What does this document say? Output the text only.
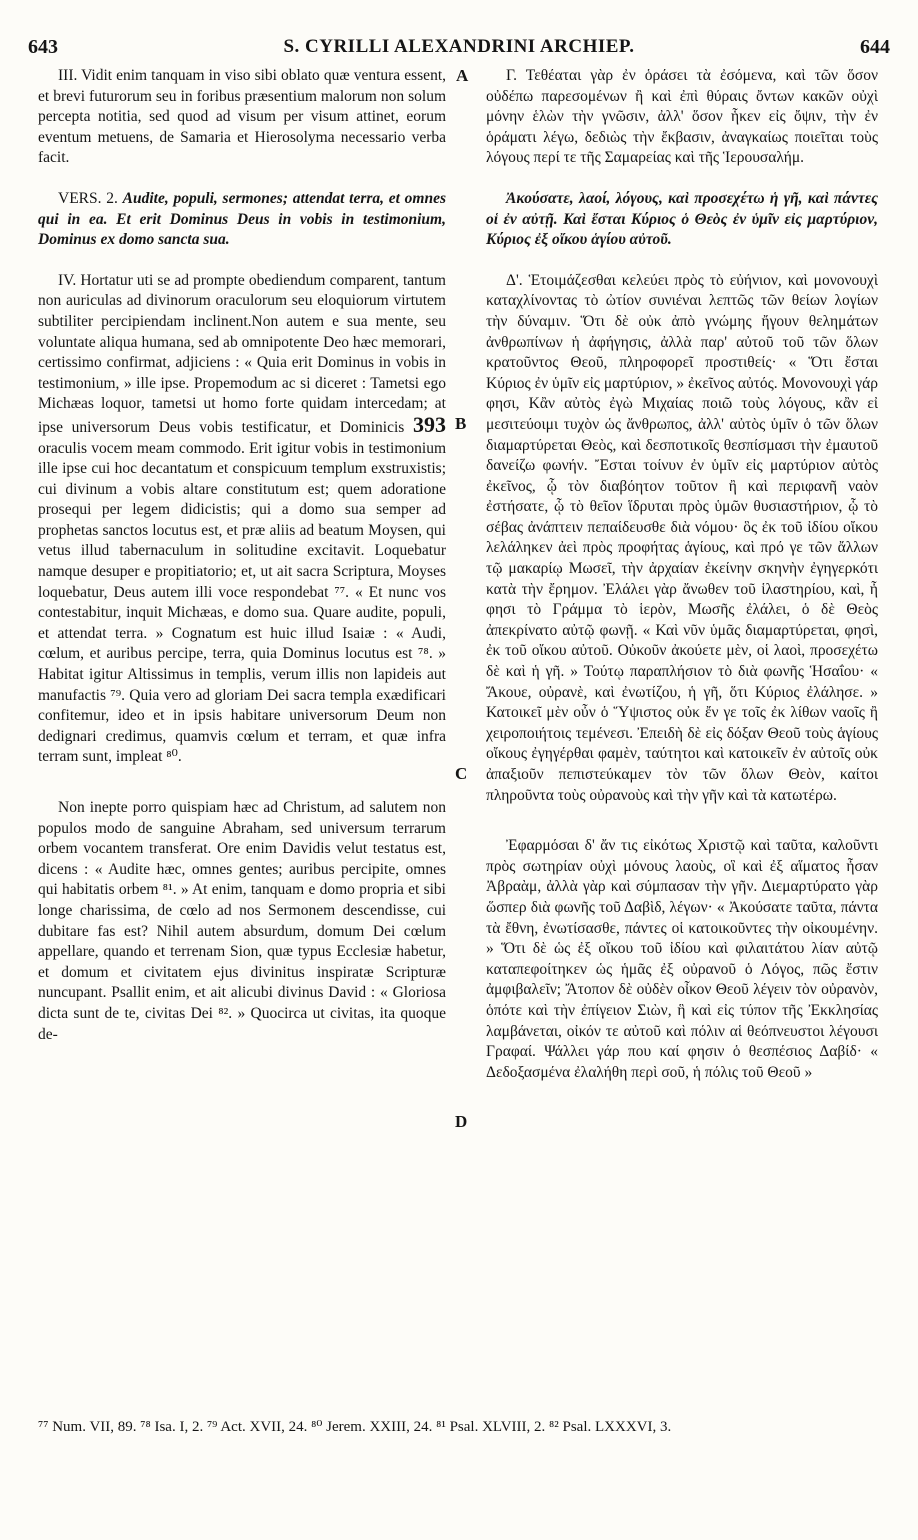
643	S. CYRILLI ALEXANDRINI ARCHIEP.	644
A
B
C
D

III. Vidit enim tanquam in viso sibi oblato quæ ventura essent, et brevi futurorum seu in foribus præsentium malorum non solum percepta notitia, sed quod ad visum per visum attinet, eorum eventum metuens, de Samaria et Hierosolyma necessario verba facit.

VERS. 2. Audite, populi, sermones; attendat terra, et omnes qui in ea. Et erit Dominus Deus in vobis in testimonium, Dominus ex domo sancta sua.

IV. Hortatur uti se ad prompte obediendum comparent, tantum non auriculas ad divinorum oraculorum seu eloquiorum virtutem subtiliter percipiendam inclinent.Non autem e sua mente, seu voluntate aliqua humana, sed ab omnipotente Deo hæc memorari, certissimo confirmat, adjiciens : « Quia erit Dominus in vobis in testimonium, » ille ipse. Propemodum ac si diceret : Tametsi ego Michæas loquor, tametsi ut homo forte quidam intercedam; at ipse universorum Deus vobis testificatur, et Dominicis 393 oraculis vocem meam commodo. Erit igitur vobis in testimonium ille ipse cui hoc decantatum et conspicuum templum exstruxistis; cui divinum a vobis altare constitutum est; quem adoratione prosequi per legem didicistis; qui a domo sua semper ad prophetas sanctos locutus est, et præ aliis ad beatum Moysen, qui vetus illud tabernaculum in solitudine excitavit. Loquebatur namque desuper e propitiatorio; et, ut ait sacra Scriptura, Moyses loquebatur, Deus autem illi voce respondebat ⁷⁷. « Et nunc vos contestabitur, inquit Michæas, e domo sua. Quare audite, populi, et attendat terra. » Cognatum est huic illud Isaiæ : « Audi, cœlum, et auribus percipe, terra, quia Dominus locutus est ⁷⁸. » Habitat igitur Altissimus in templis, verum illis non lapideis aut manufactis ⁷⁹. Quia vero ad gloriam Dei sacra templa exædificari confitemur, ideo et in ipsis habitare universorum Deum non dedignari credimus, quamvis cœlum et terram, et quæ infra terram sunt, impleat ⁸⁰.

Non inepte porro quispiam hæc ad Christum, ad salutem non populos modo de sanguine Abraham, sed universum terrarum orbem vocantem transferat. Ore enim Davidis velut testatus est, dicens : « Audite hæc, omnes gentes; auribus percipite, omnes qui habitatis orbem ⁸¹. » At enim, tanquam e domo propria et sibi longe charissima, de cœlo ad nos Sermonem descendisse, cui dubitare fas est? Nihil autem absurdum, domum Dei cœlum appellare, quando et terrenam Sion, quæ typus Ecclesiæ habetur, et domum et civitatem ejus divinitus inspiratæ Scripturæ nuncupant. Psallit enim, et ait alicubi divinus David : « Gloriosa dicta sunt de te, civitas Dei ⁸². » Quocirca ut civitas, ita quoque de-

Γ. Τεθέαται γὰρ ἐν ὁράσει τὰ ἐσόμενα, καὶ τῶν ὅσον οὐδέπω παρεσομένων ἢ καὶ ἐπὶ θύραις ὄντων κακῶν οὐχὶ μόνην ἑλὼν τὴν γνῶσιν, ἀλλ' ὅσον ἧκεν εἰς ὄψιν, τὴν ἐν ὁράματι λέγω, δεδιὼς τὴν ἔκβασιν, ἀναγκαίως ποιεῖται τοὺς λόγους περί τε τῆς Σαμαρείας καὶ τῆς Ἱερουσαλήμ.

Ἀκούσατε, λαοί, λόγους, καὶ προσεχέτω ἡ γῆ, καὶ πάντες οἱ ἐν αὐτῇ. Καὶ ἔσται Κύριος ὁ Θεὸς ἐν ὑμῖν εἰς μαρτύριον, Κύριος ἐξ οἴκου ἁγίου αὐτοῦ.

Δ'. Ἑτοιμάζεσθαι κελεύει πρὸς τὸ εὐήνιον, καὶ μονονουχὶ καταχλίνοντας τὸ ὠτίον συνιέναι λεπτῶς τῶν θείων λογίων τὴν δύναμιν. Ὅτι δὲ οὐκ ἀπὸ γνώμης ἤγουν θελημάτων ἀνθρωπίνων ἡ ἀφήγησις, ἀλλὰ παρ' αὐτοῦ τοῦ τῶν ὅλων κρατοῦντος Θεοῦ, πληροφορεῖ προστιθείς· « Ὅτι ἔσται Κύριος ἐν ὑμῖν εἰς μαρτύριον, » ἐκεῖνος αὐτός. Μονονουχὶ γάρ φησι, Κἂν αὐτὸς ἐγὼ Μιχαίας ποιῶ τοὺς λόγους, κἂν εἰ μεσιτεύοιμι τυχὸν ὡς ἄνθρωπος, ἀλλ' αὐτὸς ὑμῖν ὁ τῶν ὅλων διαμαρτύρεται Θεὸς, καὶ δεσποτικοῖς θεσπίσμασι τὴν ἐμαυτοῦ δανείζω φωνήν. Ἔσται τοίνυν ἐν ὑμῖν εἰς μαρτύριον αὐτὸς ἐκεῖνος, ᾧ τὸν διαβόητον τοῦτον ἢ καὶ περιφανῆ ναὸν ἐστήσατε, ᾧ τὸ θεῖον ἵδρυται πρὸς ὑμῶν θυσιαστήριον, ᾧ τὸ σέβας ἀνάπτειν πεπαίδευσθε διὰ νόμου· ὃς ἐκ τοῦ ἰδίου οἴκου λελάληκεν ἀεὶ πρὸς προφήτας ἁγίους, καὶ πρό γε τῶν ἄλλων τῷ μακαρίῳ Μωσεῖ, τὴν ἀρχαίαν ἐκείνην σκηνὴν ἐγηγερκότι κατὰ τὴν ἔρημον. Ἐλάλει γὰρ ἄνωθεν τοῦ ἱλαστηρίου, καὶ, ἦ φησι τὸ Γράμμα τὸ ἱερὸν, Μωσῆς ἐλάλει, ὁ δὲ Θεὸς ἀπεκρίνατο αὐτῷ φωνῇ. « Καὶ νῦν ὑμᾶς διαμαρτύρεται, φησὶ, ἐκ τοῦ οἴκου αὐτοῦ. Οὐκοῦν ἀκούετε μὲν, οἱ λαοὶ, προσεχέτω δὲ καὶ ἡ γῆ. » Τούτῳ παραπλήσιον τὸ διὰ φωνῆς Ἡσαΐου· « Ἄκουε, οὐρανὲ, καὶ ἐνωτίζου, ἡ γῆ, ὅτι Κύριος ἐλάλησε. » Κατοικεῖ μὲν οὖν ὁ Ὕψιστος οὐκ ἔν γε τοῖς ἐκ λίθων ναοῖς ἢ χειροποιήτοις τεμένεσι. Ἐπειδὴ δὲ εἰς δόξαν Θεοῦ τοὺς ἁγίους οἴκους ἐγηγέρθαι φαμὲν, ταύτητοι καὶ κατοικεῖν ἐν αὐτοῖς οὐκ ἀπαξιοῦν πεπιστεύκαμεν τὸν τῶν ὅλων Θεὸν, καίτοι πληροῦντα τοὺς οὐρανοὺς καὶ τὴν γῆν καὶ τὰ κατωτέρω.

Ἐφαρμόσαι δ' ἄν τις εἰκότως Χριστῷ καὶ ταῦτα, καλοῦντι πρὸς σωτηρίαν οὐχὶ μόνους λαοὺς, οἳ καὶ ἐξ αἵματος ἦσαν Ἀβραὰμ, ἀλλὰ γὰρ καὶ σύμπασαν τὴν γῆν. Διεμαρτύρατο γὰρ ὥσπερ διὰ φωνῆς τοῦ Δαβὶδ, λέγων· « Ἀκούσατε ταῦτα, πάντα τὰ ἔθνη, ἐνωτίσασθε, πάντες οἱ κατοικοῦντες τὴν οἰκουμένην. » Ὅτι δὲ ὡς ἐξ οἴκου τοῦ ἰδίου καὶ φιλαιτάτου λίαν αὐτῷ καταπεφοίτηκεν ὡς ἡμᾶς ἐξ οὐρανοῦ ὁ Λόγος, πῶς ἔστιν ἀμφιβαλεῖν; Ἄτοπον δὲ οὐδὲν οἶκον Θεοῦ λέγειν τὸν οὐρανὸν, ὁπότε καὶ τὴν ἐπίγειον Σιὼν, ἣ καὶ εἰς τύπον τῆς Ἐκκλησίας λαμβάνεται, οἰκόν τε αὐτοῦ καὶ πόλιν αἱ θεόπνευστοι λέγουσι Γραφαί. Ψάλλει γάρ που καί φησιν ὁ θεσπέσιος Δαβίδ· « Δεδοξασμένα ἐλαλήθη περὶ σοῦ, ἡ πόλις τοῦ Θεοῦ »

⁷⁷ Num. VII, 89. ⁷⁸ Isa. I, 2. ⁷⁹ Act. XVII, 24. ⁸⁰ Jerem. XXIII, 24. ⁸¹ Psal. XLVIII, 2. ⁸² Psal. LXXXVI, 3.
